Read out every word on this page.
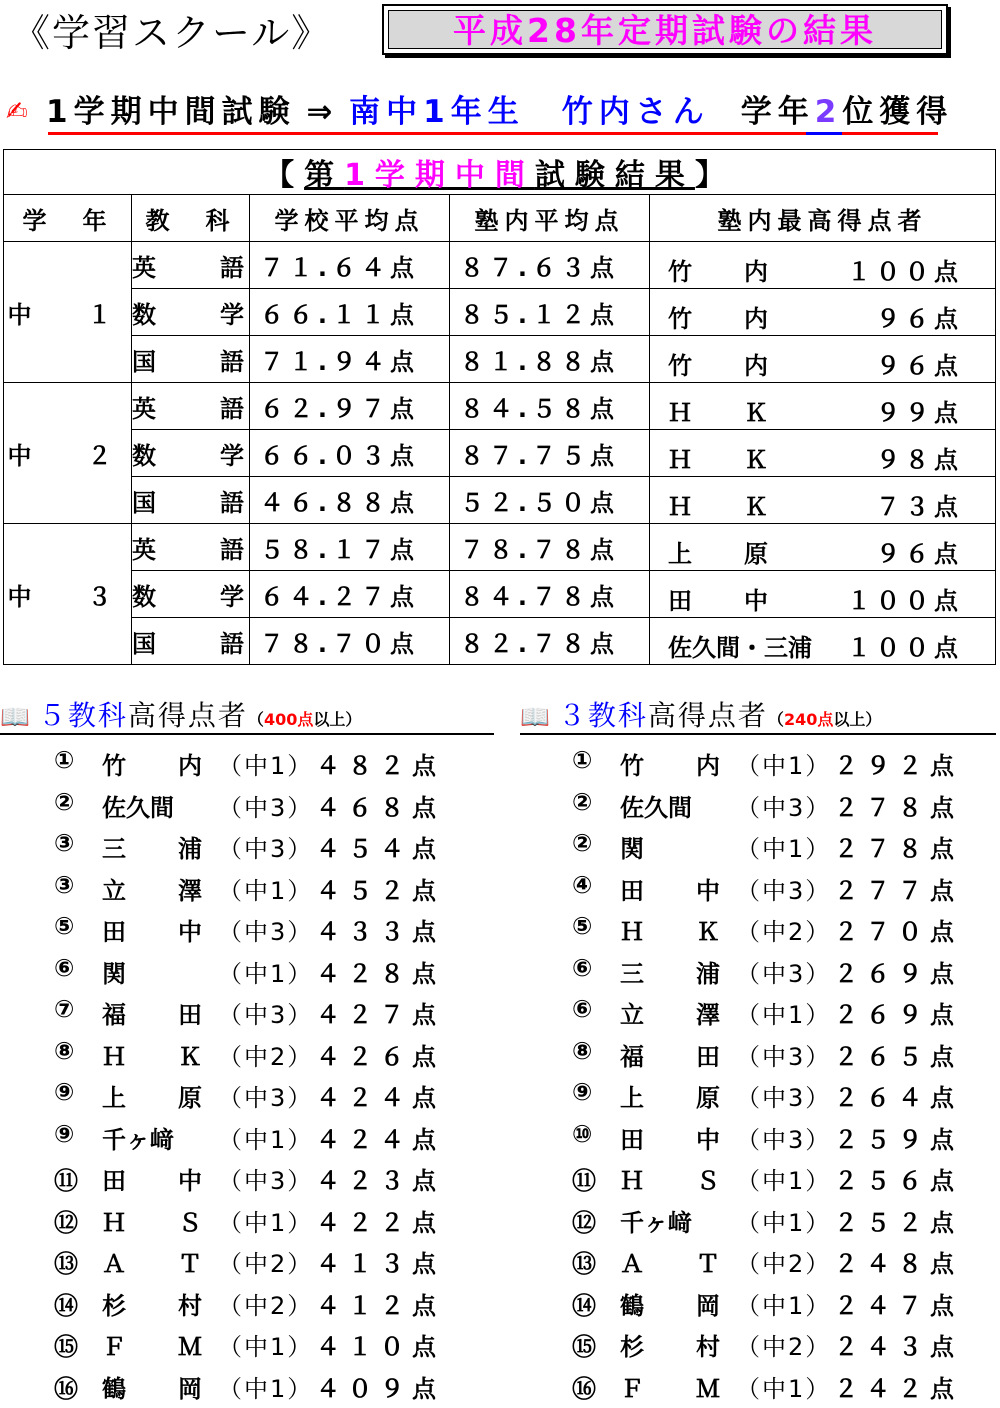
《学習スクール》	平成28年定期試験の結果
✍ 1学期中間試験 ⇒ 南中1年生　竹内さん　 学年2位獲得
【第1学期中間試験結果】				
学　年	教　科	学校平均点	塾内平均点	塾内最高得点者
中　１	英　語	７１.６４点	８７.６３点	竹　内 １００点

	数　学	６６.１１点	８５.１２点	竹　内 ９６点

	国　語	７１.９４点	８１.８８点	竹　内 ９６点

中　２	英　語	６２.９７点	８４.５８点	Ｈ　Ｋ ９９点

	数　学	６６.０３点	８７.７５点	Ｈ　Ｋ ９８点

	国　語	４６.８８点	５２.５０点	Ｈ　Ｋ ７３点

中　３	英　語	５８.１７点	７８.７８点	上　原 ９６点

	数　学	６４.２７点	８４.７８点	田　中 １００点

	国　語	７８.７０点	８２.７８点	佐久間・三浦 １００点
📖 ５教科高得点者（400点以上）
① 竹　内 （中1） ４８２点
② 佐久間 （中3） ４６８点
③ 三　浦 （中3） ４５４点
③ 立　澤 （中1） ４５２点
⑤ 田　中 （中3） ４３３点
⑥ 関	（中1） ４２８点
⑦ 福　田 （中3） ４２７点
⑧ Ｈ　Ｋ （中2） ４２６点
⑨ 上　原 （中3） ４２４点
⑨ 千ヶ﨑 （中1） ４２４点
⑪ 田　中 （中3） ４２３点
⑫ Ｈ　Ｓ （中1） ４２２点
⑬ Ａ　Ｔ （中2） ４１３点
⑭ 杉　村 （中2） ４１２点
⑮ Ｆ　Ｍ （中1） ４１０点
⑯ 鶴　岡 （中1） ４０９点
📖 ３教科高得点者（240点以上）
① 竹　内 （中1） ２９２点
② 佐久間 （中3） ２７８点
② 関	（中1） ２７８点
④ 田　中 （中3） ２７７点
⑤ Ｈ　Ｋ （中2） ２７０点
⑥ 三　浦 （中3） ２６９点
⑥ 立　澤 （中1） ２６９点
⑧ 福　田 （中3） ２６５点
⑨ 上　原 （中3） ２６４点
⑩ 田　中 （中3） ２５９点
⑪ Ｈ　Ｓ （中1） ２５６点
⑫ 千ヶ﨑 （中1） ２５２点
⑬ Ａ　Ｔ （中2） ２４８点
⑭ 鶴　岡 （中1） ２４７点
⑮ 杉　村 （中2） ２４３点
⑯ Ｆ　Ｍ （中1） ２４２点
